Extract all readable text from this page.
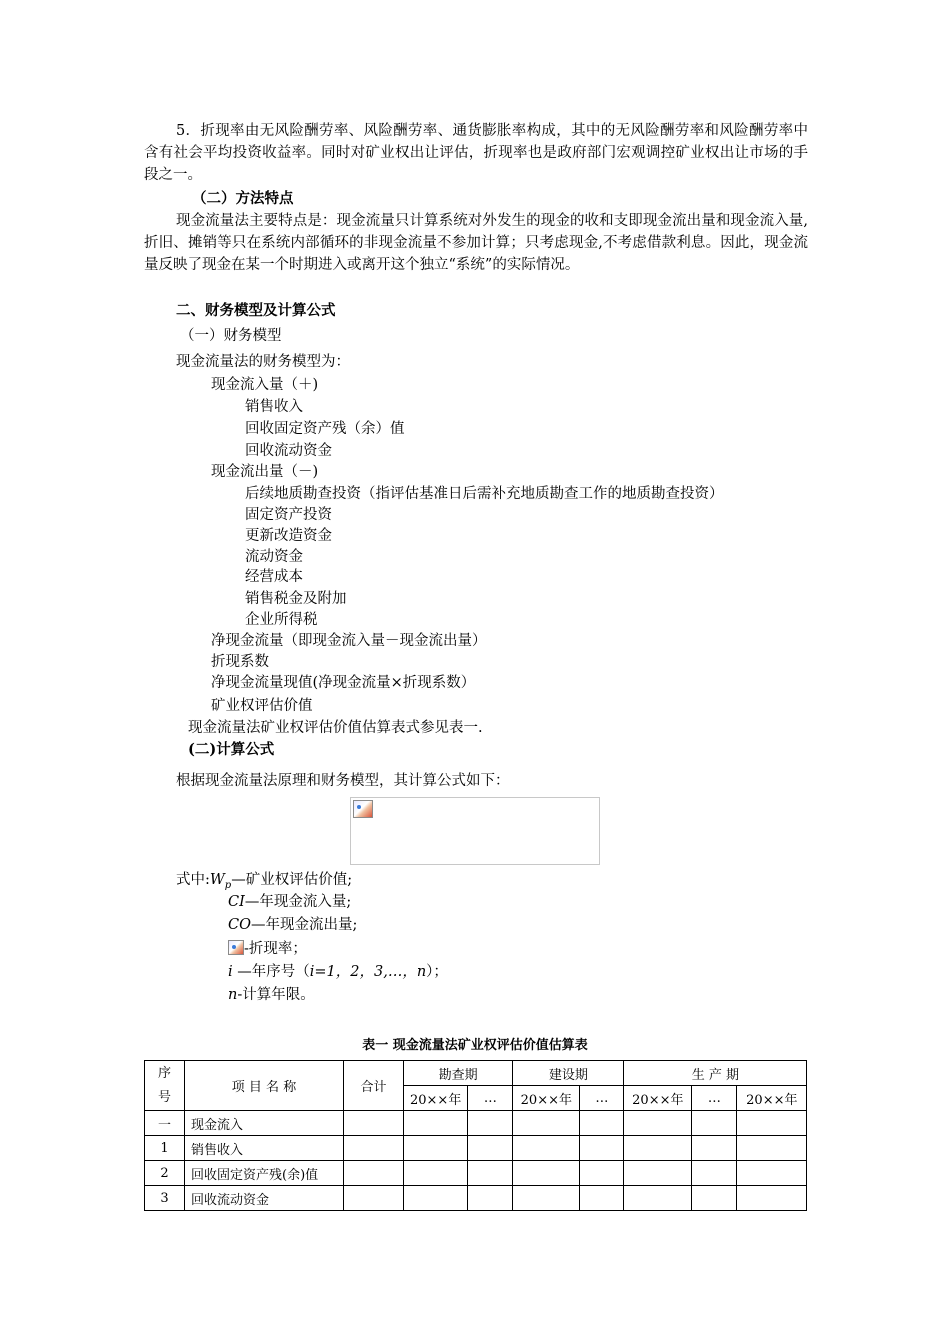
5．折现率由无风险酬劳率、风险酬劳率、通货膨胀率构成，其中的无风险酬劳率和风险酬劳率中含有社会平均投资收益率。同时对矿业权出让评估，折现率也是政府部门宏观调控矿业权出让市场的手段之一。
（二）方法特点
现金流量法主要特点是：现金流量只计算系统对外发生的现金的收和支即现金流出量和现金流入量,折旧、摊销等只在系统内部循环的非现金流量不参加计算；只考虑现金,不考虑借款利息。因此，现金流量反映了现金在某一个时期进入或离开这个独立“系统”的实际情况。
二、财务模型及计算公式
（一）财务模型
现金流量法的财务模型为：
现金流入量（＋)
销售收入
回收固定资产残（余）值
回收流动资金
现金流出量（－)
后续地质勘查投资（指评估基准日后需补充地质勘查工作的地质勘查投资）
固定资产投资
更新改造资金
流动资金
经营成本
销售税金及附加
企业所得税
净现金流量（即现金流入量－现金流出量）
折现系数
净现金流量现值(净现金流量×折现系数）
矿业权评估价值
现金流量法矿业权评估价值估算表式参见表一.
(二)计算公式
根据现金流量法原理和财务模型，其计算公式如下：
式中$:W_p—$矿业权评估价值;
CI—年现金流入量;
CO—年现金流出量;
-折现率；
i —年序号（i=1，2，3,…，n）；
n-计算年限。
表一 现金流量法矿业权评估价值估算表
序
号	项 目 名 称	合计	勘查期		建设期		生 产 期		
			20××年	…	20××年	…	20××年	…	20××年
一	现金流入								
1	销售收入								
2	回收固定资产残(余)值								
3	回收流动资金								
